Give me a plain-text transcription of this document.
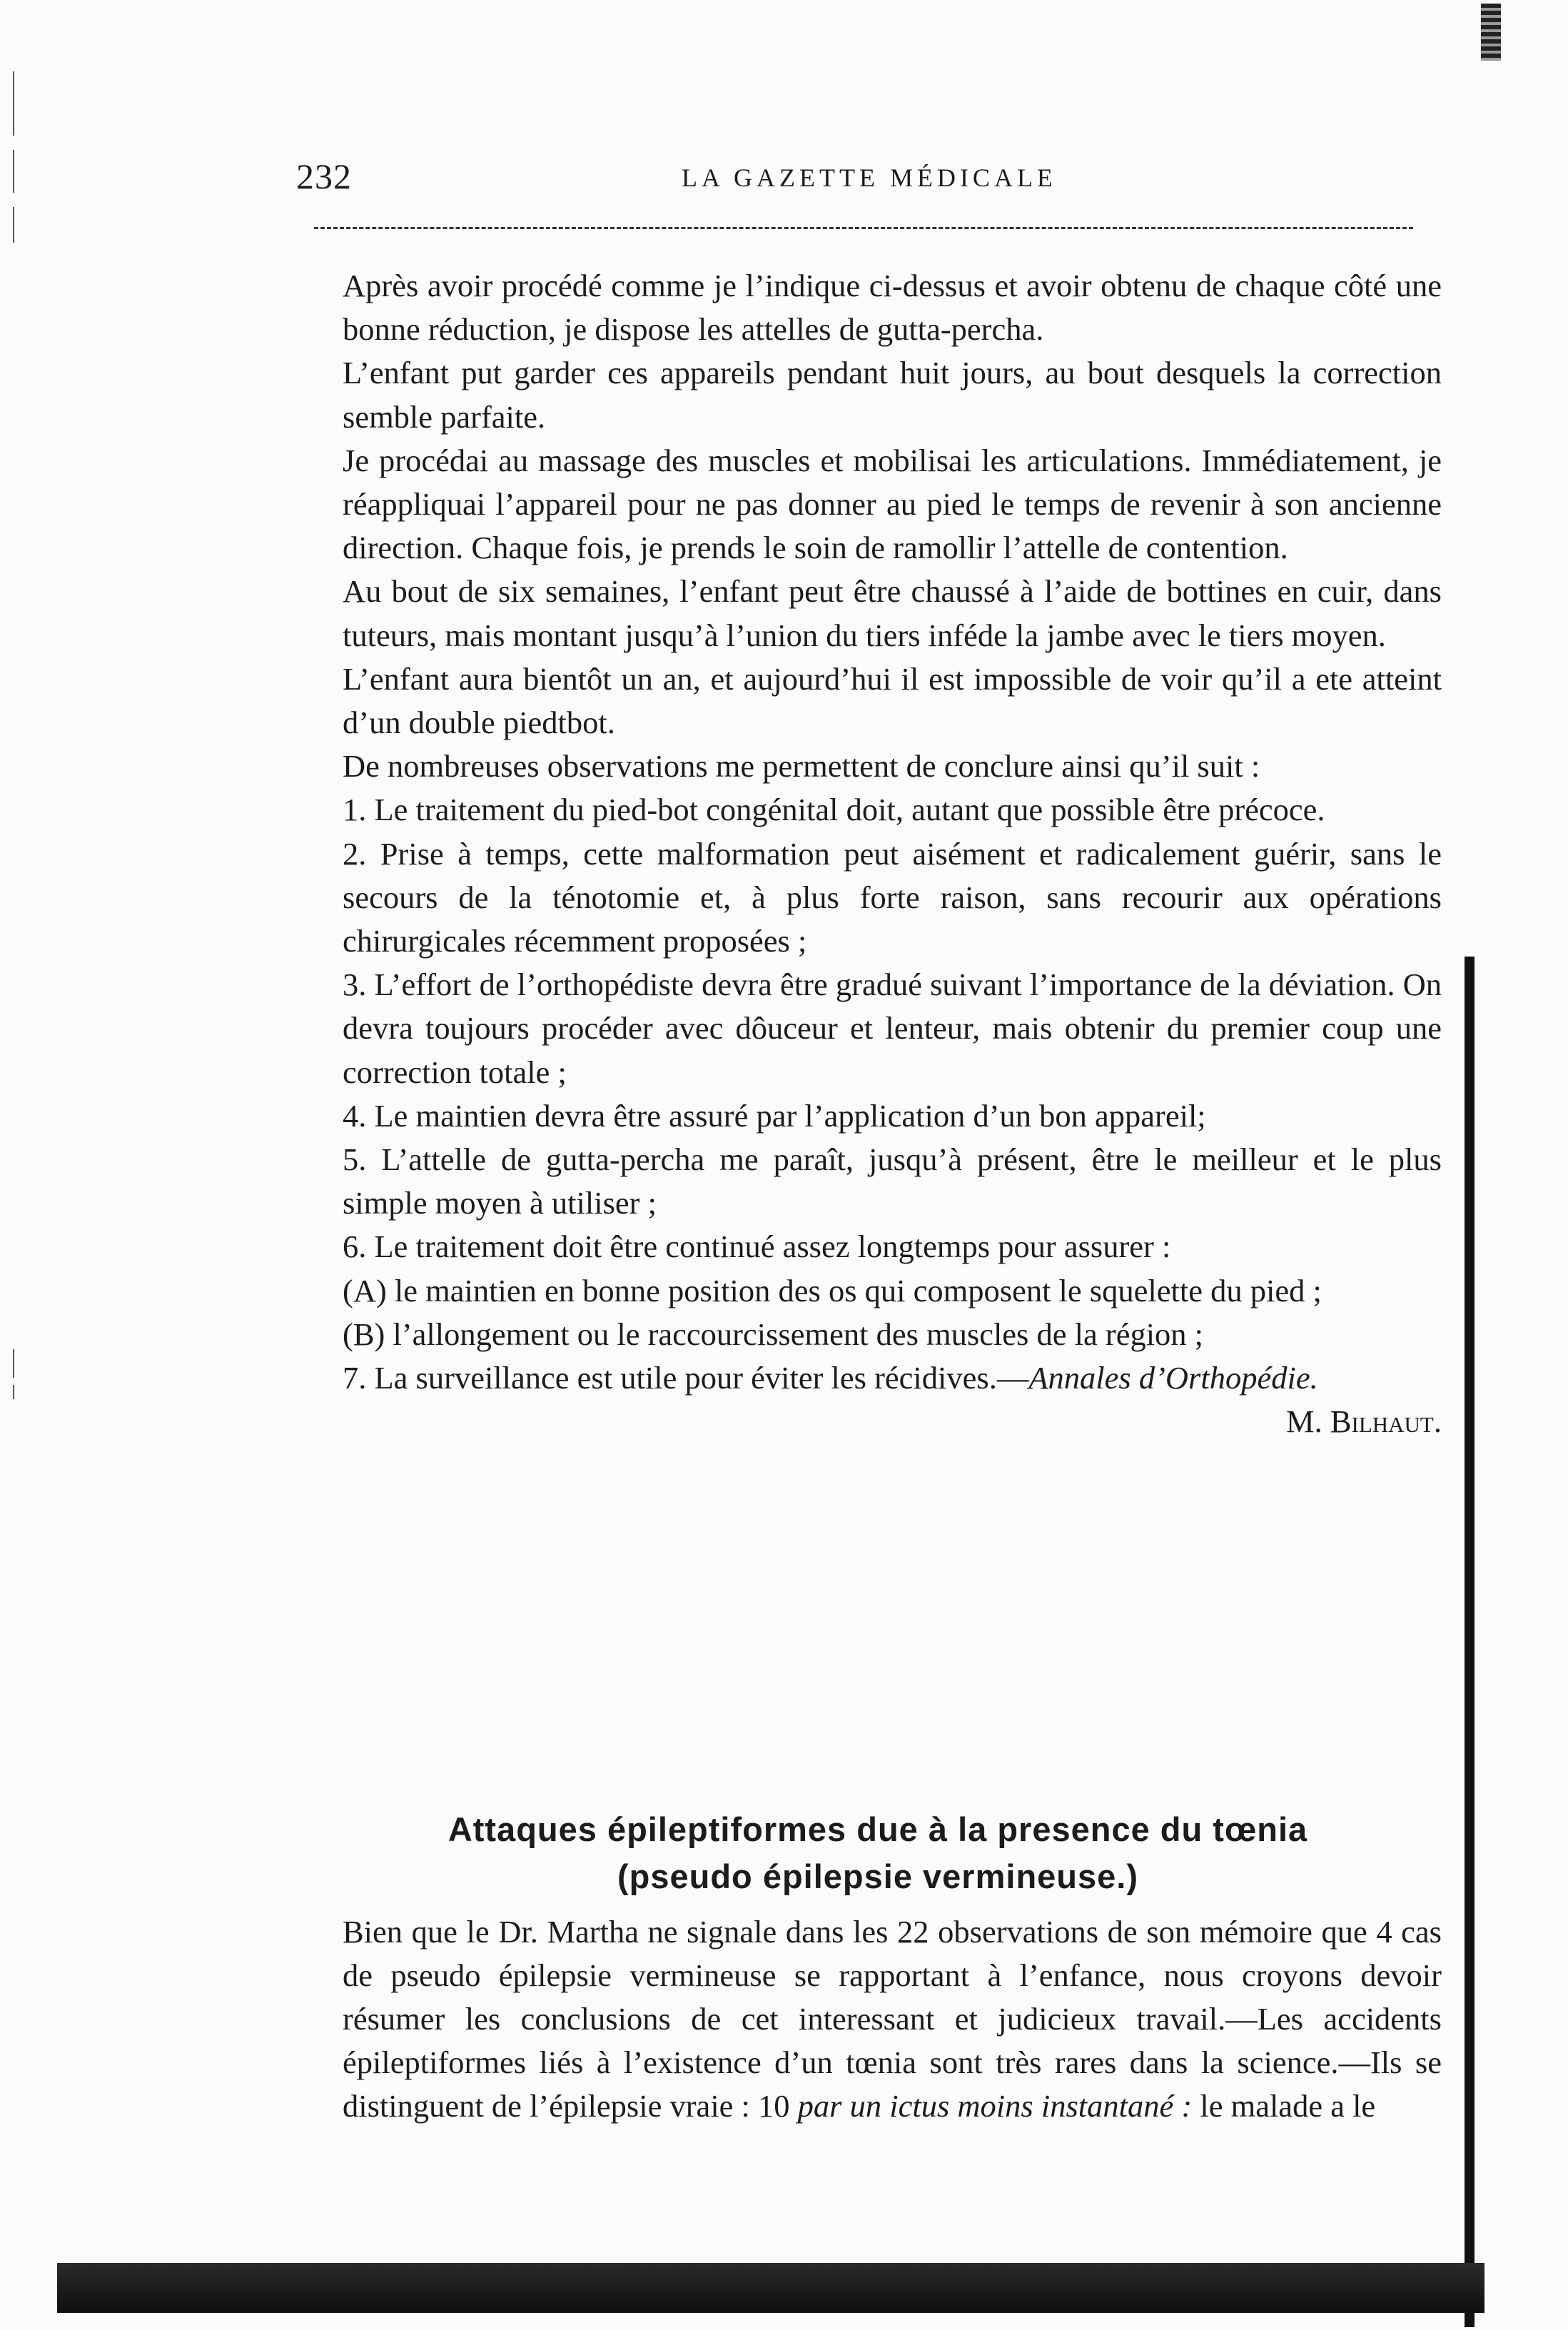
232	LA GAZETTE MÉDICALE

Après avoir procédé comme je l’indique ci-dessus et avoir obtenu de chaque côté une bonne réduction, je dispose les attelles de gutta-percha.

L’enfant put garder ces appareils pendant huit jours, au bout desquels la correction semble parfaite.

Je procédai au massage des muscles et mobilisai les articulations. Immédiatement, je réappliquai l’appareil pour ne pas donner au pied le temps de revenir à son ancienne direction. Chaque fois, je prends le soin de ramollir l’attelle de contention.

Au bout de six semaines, l’enfant peut être chaussé à l’aide de bottines en cuir, dans tuteurs, mais montant jusqu’à l’union du tiers inféde la jambe avec le tiers moyen.

L’enfant aura bientôt un an, et aujourd’hui il est impossible de voir qu’il a ete atteint d’un double piedtbot.

De nombreuses observations me permettent de conclure ainsi qu’il suit :

1. Le traitement du pied-bot congénital doit, autant que possible être précoce.

2. Prise à temps, cette malformation peut aisément et radicalement guérir, sans le secours de la ténotomie et, à plus forte raison, sans recourir aux opérations chirurgicales récemment proposées ;

3. L’effort de l’orthopédiste devra être gradué suivant l’importance de la déviation. On devra toujours procéder avec dôuceur et lenteur, mais obtenir du premier coup une correction totale ;

4. Le maintien devra être assuré par l’application d’un bon appareil;

5. L’attelle de gutta-percha me paraît, jusqu’à présent, être le meilleur et le plus simple moyen à utiliser ;

6. Le traitement doit être continué assez longtemps pour assurer :

(A) le maintien en bonne position des os qui composent le squelette du pied ;

(B) l’allongement ou le raccourcissement des muscles de la région ;

7. La surveillance est utile pour éviter les récidives.—Annales d’Orthopédie.
M. Bilhaut.

Attaques épileptiformes due à la presence du tœnia
(pseudo épilepsie vermineuse.)

Bien que le Dr. Martha ne signale dans les 22 observations de son mémoire que 4 cas de pseudo épilepsie vermineuse se rapportant à l’enfance, nous croyons devoir résumer les conclusions de cet interessant et judicieux travail.—Les accidents épileptiformes liés à l’existence d’un tœnia sont très rares dans la science.—Ils se distinguent de l’épilepsie vraie : 10 par un ictus moins instantané : le malade a le
